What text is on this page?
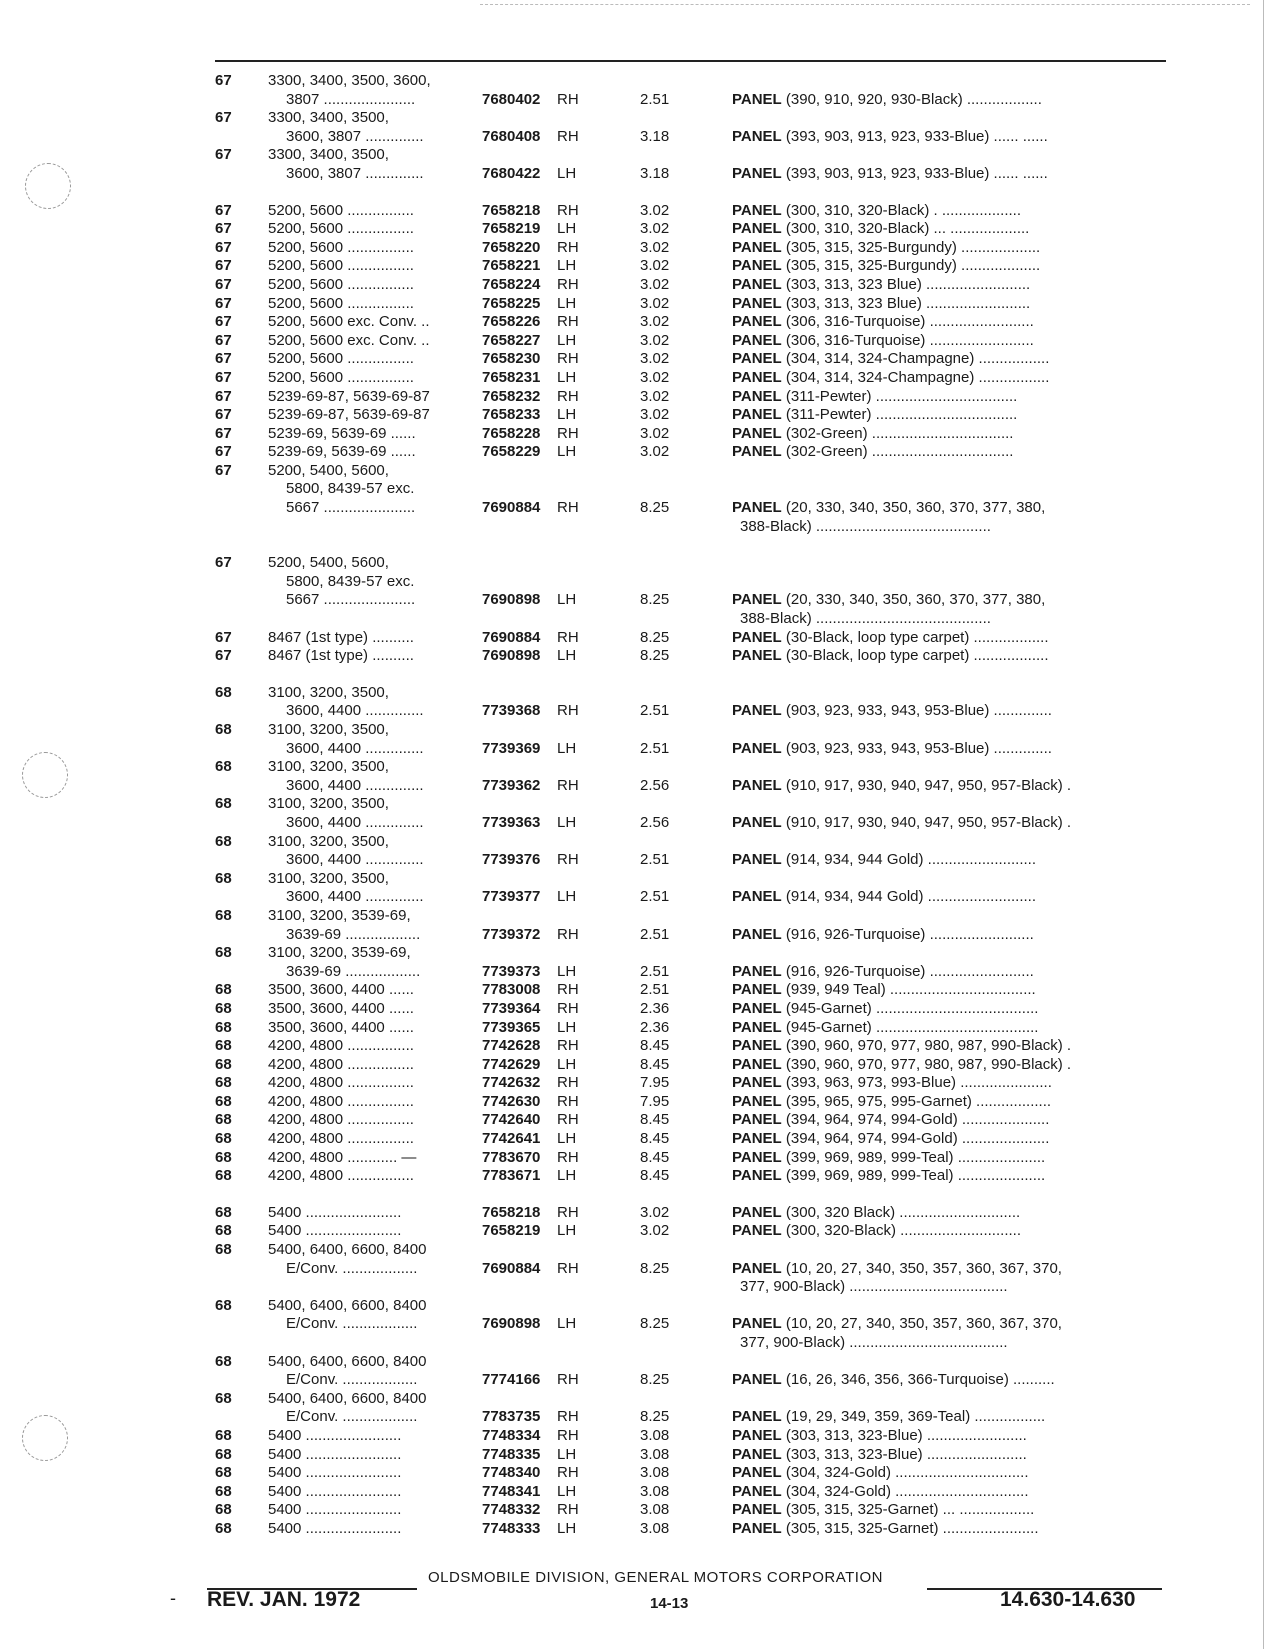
67 3300, 3400, 3500, 3600,
3807 ......................	7680402 RH	2.51	PANEL (390, 910, 920, 930-Black) ..................
67 3300, 3400, 3500,
3600, 3807 ..............	7680408 RH	3.18	PANEL (393, 903, 913, 923, 933-Blue) ...... ......
67 3300, 3400, 3500,
3600, 3807 ..............	7680422 LH	3.18	PANEL (393, 903, 913, 923, 933-Blue) ...... ......
67 5200, 5600 ................	7658218 RH	3.02	PANEL (300, 310, 320-Black) . ...................
67 5200, 5600 ................	7658219 LH	3.02	PANEL (300, 310, 320-Black) ... ...................
67 5200, 5600 ................	7658220 RH	3.02	PANEL (305, 315, 325-Burgundy) ...................
67 5200, 5600 ................	7658221 LH	3.02	PANEL (305, 315, 325-Burgundy) ...................
67 5200, 5600 ................	7658224 RH	3.02	PANEL (303, 313, 323 Blue) .........................
67 5200, 5600 ................	7658225 LH	3.02	PANEL (303, 313, 323 Blue) .........................
67 5200, 5600 exc. Conv. ..	7658226 RH	3.02	PANEL (306, 316-Turquoise) .........................
67 5200, 5600 exc. Conv. ..	7658227 LH	3.02	PANEL (306, 316-Turquoise) .........................
67 5200, 5600 ................	7658230 RH	3.02	PANEL (304, 314, 324-Champagne) .................
67 5200, 5600 ................	7658231 LH	3.02	PANEL (304, 314, 324-Champagne) .................
67 5239-69-87, 5639-69-87	7658232 RH	3.02	PANEL (311-Pewter) ..................................
67 5239-69-87, 5639-69-87	7658233 LH	3.02	PANEL (311-Pewter) ..................................
67 5239-69, 5639-69 ......	7658228 RH	3.02	PANEL (302-Green) ..................................
67 5239-69, 5639-69 ......	7658229 LH	3.02	PANEL (302-Green) ..................................
67 5200, 5400, 5600,
5800, 8439-57 exc.
5667 ......................	7690884 RH	8.25	PANEL (20, 330, 340, 350, 360, 370, 377, 380,
388-Black) ..........................................
67 5200, 5400, 5600,
5800, 8439-57 exc.
5667 ......................	7690898 LH	8.25	PANEL (20, 330, 340, 350, 360, 370, 377, 380,
388-Black) ..........................................
67 8467 (1st type) ..........	7690884 RH	8.25	PANEL (30-Black, loop type carpet) ..................
67 8467 (1st type) ..........	7690898 LH	8.25	PANEL (30-Black, loop type carpet) ..................
68 3100, 3200, 3500,
3600, 4400 ..............	7739368 RH	2.51	PANEL (903, 923, 933, 943, 953-Blue) ..............
68 3100, 3200, 3500,
3600, 4400 ..............	7739369 LH	2.51	PANEL (903, 923, 933, 943, 953-Blue) ..............
68 3100, 3200, 3500,
3600, 4400 ..............	7739362 RH	2.56	PANEL (910, 917, 930, 940, 947, 950, 957-Black) .
68 3100, 3200, 3500,
3600, 4400 ..............	7739363 LH	2.56	PANEL (910, 917, 930, 940, 947, 950, 957-Black) .
68 3100, 3200, 3500,
3600, 4400 ..............	7739376 RH	2.51	PANEL (914, 934, 944 Gold) ..........................
68 3100, 3200, 3500,
3600, 4400 ..............	7739377 LH	2.51	PANEL (914, 934, 944 Gold) ..........................
68 3100, 3200, 3539-69,
3639-69 ..................	7739372 RH	2.51	PANEL (916, 926-Turquoise) .........................
68 3100, 3200, 3539-69,
3639-69 ..................	7739373 LH	2.51	PANEL (916, 926-Turquoise) .........................
68 3500, 3600, 4400 ......	7783008 RH	2.51	PANEL (939, 949 Teal) ...................................
68 3500, 3600, 4400 ......	7739364 RH	2.36	PANEL (945-Garnet) .......................................
68 3500, 3600, 4400 ......	7739365 LH	2.36	PANEL (945-Garnet) .......................................
68 4200, 4800 ................	7742628 RH	8.45	PANEL (390, 960, 970, 977, 980, 987, 990-Black) .
68 4200, 4800 ................	7742629 LH	8.45	PANEL (390, 960, 970, 977, 980, 987, 990-Black) .
68 4200, 4800 ................	7742632 RH	7.95	PANEL (393, 963, 973, 993-Blue) ......................
68 4200, 4800 ................	7742630 RH	7.95	PANEL (395, 965, 975, 995-Garnet) ..................
68 4200, 4800 ................	7742640 RH	8.45	PANEL (394, 964, 974, 994-Gold) .....................
68 4200, 4800 ................	7742641 LH	8.45	PANEL (394, 964, 974, 994-Gold) .....................
68 4200, 4800 ............ —	7783670 RH	8.45	PANEL (399, 969, 989, 999-Teal) .....................
68 4200, 4800 ................	7783671 LH	8.45	PANEL (399, 969, 989, 999-Teal) .....................
68 5400 .......................	7658218 RH	3.02	PANEL (300, 320 Black) .............................
68 5400 .......................	7658219 LH	3.02	PANEL (300, 320-Black) .............................
68 5400, 6400, 6600, 8400
E/Conv. ..................	7690884 RH	8.25	PANEL (10, 20, 27, 340, 350, 357, 360, 367, 370,
377, 900-Black) ......................................
68 5400, 6400, 6600, 8400
E/Conv. ..................	7690898 LH	8.25	PANEL (10, 20, 27, 340, 350, 357, 360, 367, 370,
377, 900-Black) ......................................
68 5400, 6400, 6600, 8400
E/Conv. ..................	7774166 RH	8.25	PANEL (16, 26, 346, 356, 366-Turquoise) ..........
68 5400, 6400, 6600, 8400
E/Conv. ..................	7783735 RH	8.25	PANEL (19, 29, 349, 359, 369-Teal) .................
68 5400 .......................	7748334 RH	3.08	PANEL (303, 313, 323-Blue) ........................
68 5400 .......................	7748335 LH	3.08	PANEL (303, 313, 323-Blue) ........................
68 5400 .......................	7748340 RH	3.08	PANEL (304, 324-Gold) ................................
68 5400 .......................	7748341 LH	3.08	PANEL (304, 324-Gold) ................................
68 5400 .......................	7748332 RH	3.08	PANEL (305, 315, 325-Garnet) ... ..................
68 5400 .......................	7748333 LH	3.08	PANEL (305, 315, 325-Garnet) .......................
OLDSMOBILE DIVISION, GENERAL MOTORS CORPORATION
- REV. JAN. 1972	14-13	14.630-14.630
